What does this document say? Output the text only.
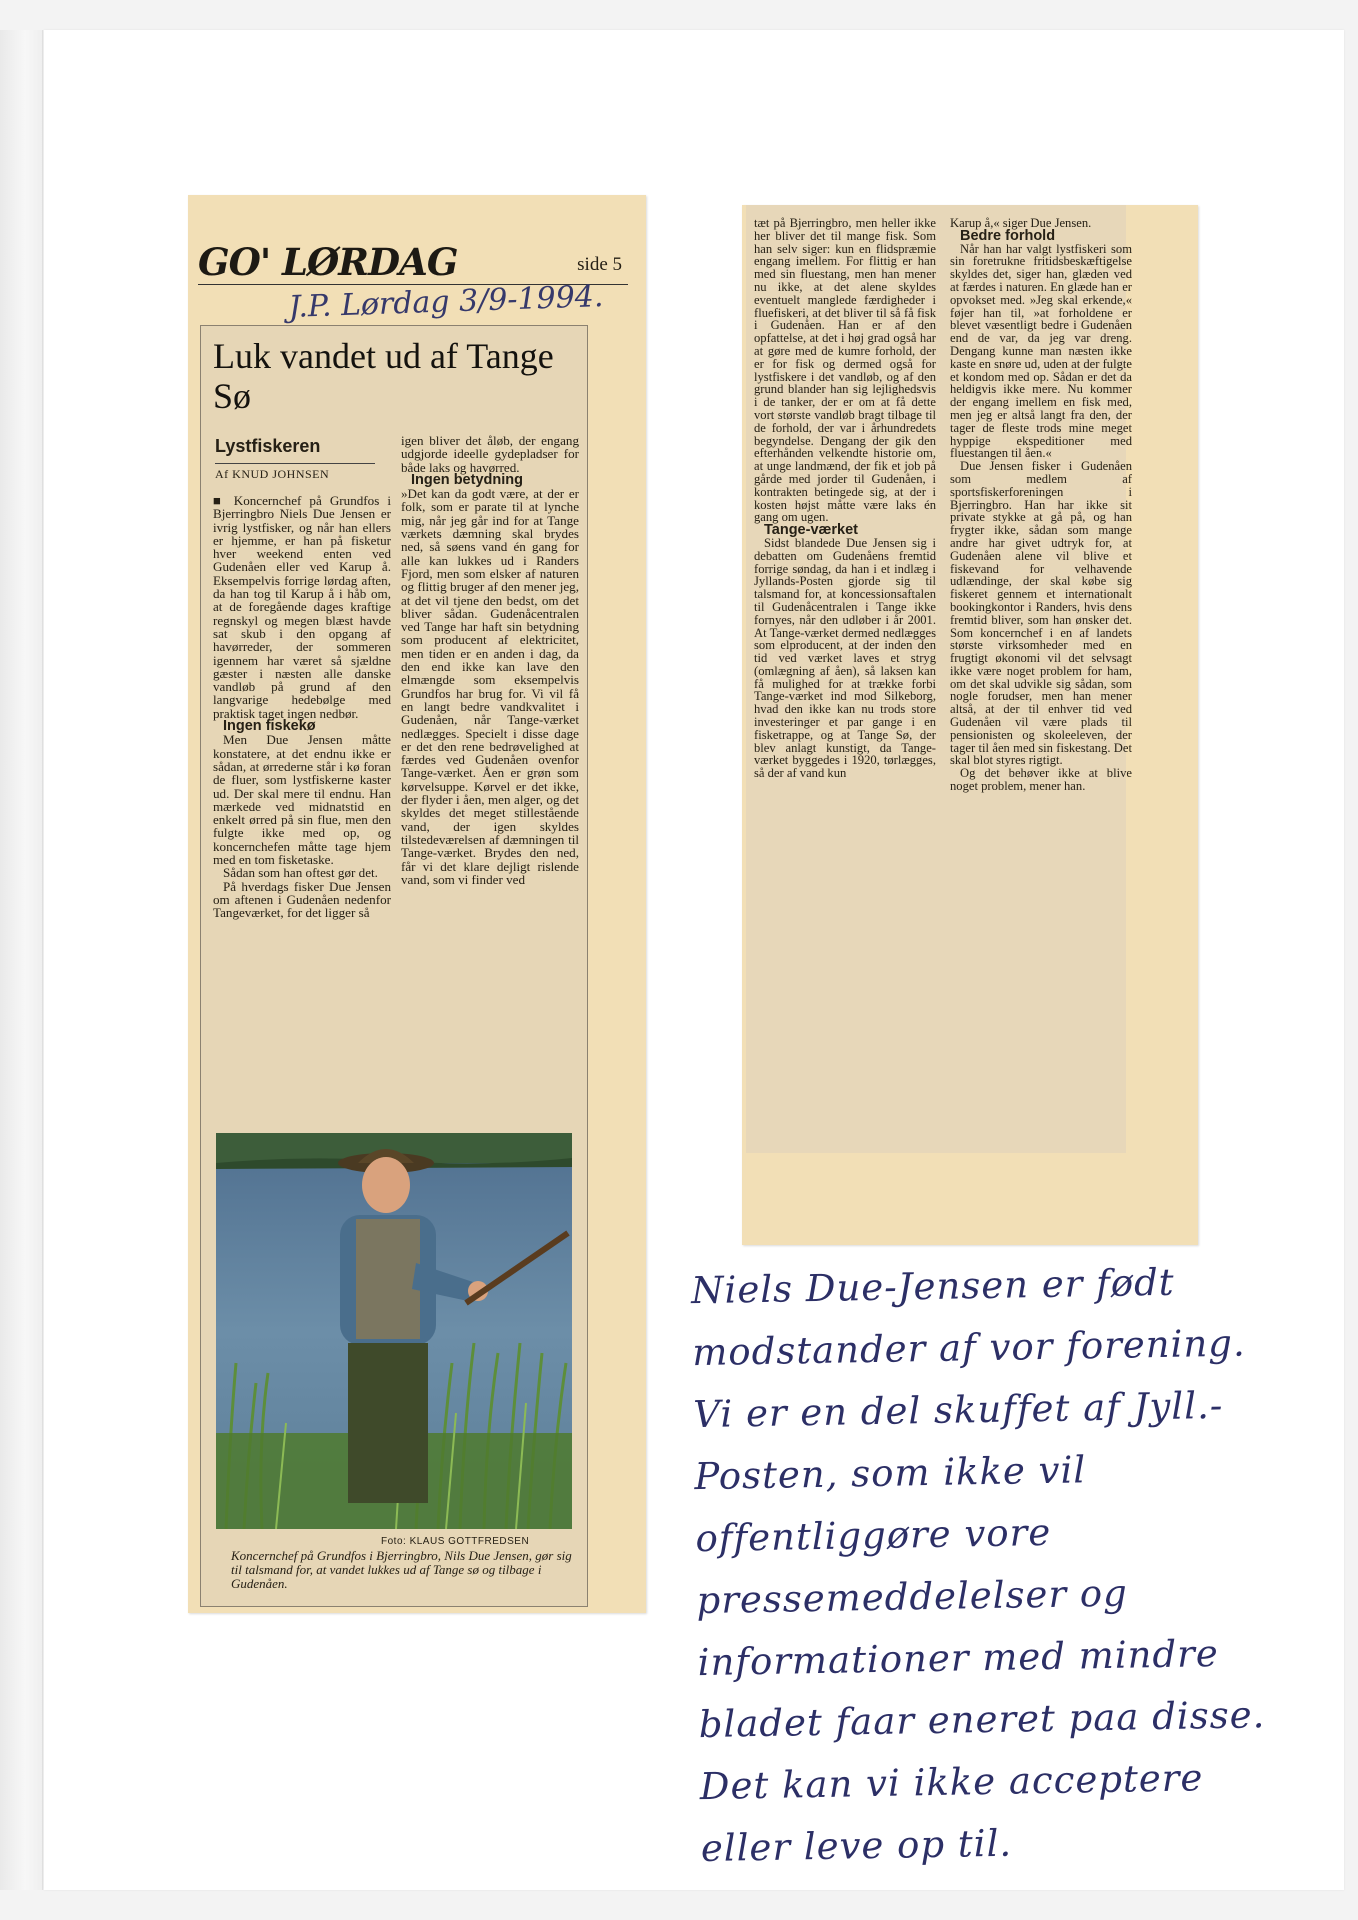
GO' LØRDAG	side 5
J.P. Lørdag 3/9-1994.
Luk vandet ud af Tange Sø
Lystfiskeren
Af KNUD JOHNSEN

■ Koncernchef på Grundfos i Bjerringbro Niels Due Jensen er ivrig lystfisker, og når han ellers er hjemme, er han på fisketur hver weekend enten ved Gudenåen eller ved Karup å. Eksempelvis forrige lørdag aften, da han tog til Karup å i håb om, at de foregående dages kraftige regnskyl og megen blæst havde sat skub i den opgang af havørreder, der sommeren igennem har været så sjældne gæster i næsten alle danske vandløb på grund af den langvarige hedebølge med praktisk taget ingen nedbør.

Ingen fiskekø

Men Due Jensen måtte konstatere, at det endnu ikke er sådan, at ørrederne står i kø foran de fluer, som lystfiskerne kaster ud. Der skal mere til endnu. Han mærkede ved midnatstid en enkelt ørred på sin flue, men den fulgte ikke med op, og koncernchefen måtte tage hjem med en tom fisketaske.

Sådan som han oftest gør det.

På hverdags fisker Due Jensen om aftenen i Gudenåen nedenfor Tangeværket, for det ligger så

igen bliver det åløb, der engang udgjorde ideelle gydepladser for både laks og havørred.

Ingen betydning

»Det kan da godt være, at der er folk, som er parate til at lynche mig, når jeg går ind for at Tange værkets dæmning skal brydes ned, så søens vand én gang for alle kan lukkes ud i Randers Fjord, men som elsker af naturen og flittig bruger af den mener jeg, at det vil tjene den bedst, om det bliver sådan. Gudenåcentralen ved Tange har haft sin betydning som producent af elektricitet, men tiden er en anden i dag, da den end ikke kan lave den elmængde som eksempelvis Grundfos har brug for. Vi vil få en langt bedre vandkvalitet i Gudenåen, når Tange-værket nedlægges. Specielt i disse dage er det den rene bedrøvelighed at færdes ved Gudenåen ovenfor Tange-værket. Åen er grøn som kørvelsuppe. Kørvel er det ikke, der flyder i åen, men alger, og det skyldes det meget stillestående vand, der igen skyldes tilstedeværelsen af dæmningen til Tange-værket. Brydes den ned, får vi det klare dejligt rislende vand, som vi finder ved

Foto: KLAUS GOTTFREDSEN
Koncernchef på Grundfos i Bjerringbro, Nils Due Jensen, gør sig til talsmand for, at vandet lukkes ud af Tange sø og tilbage i Gudenåen.

tæt på Bjerringbro, men heller ikke her bliver det til mange fisk. Som han selv siger: kun en flidspræmie engang imellem. For flittig er han med sin fluestang, men han mener nu ikke, at det alene skyldes eventuelt manglede færdigheder i fluefiskeri, at det bliver til så få fisk i Gudenåen. Han er af den opfattelse, at det i høj grad også har at gøre med de kumre forhold, der er for fisk og dermed også for lystfiskere i det vandløb, og af den grund blander han sig lejlighedsvis i de tanker, der er om at få dette vort største vandløb bragt tilbage til de forhold, der var i århundredets begyndelse. Dengang der gik den efterhånden velkendte historie om, at unge landmænd, der fik et job på gårde med jorder til Gudenåen, i kontrakten betingede sig, at der i kosten højst måtte være laks én gang om ugen.

Tange-værket

Sidst blandede Due Jensen sig i debatten om Gudenåens fremtid forrige søndag, da han i et indlæg i Jyllands-Posten gjorde sig til talsmand for, at koncessionsaftalen til Gudenåcentralen i Tange ikke fornyes, når den udløber i år 2001. At Tange-værket dermed nedlægges som elproducent, at der inden den tid ved værket laves et stryg (omlægning af åen), så laksen kan få mulighed for at trække forbi Tange-værket ind mod Silkeborg, hvad den ikke kan nu trods store investeringer et par gange i en fisketrappe, og at Tange Sø, der blev anlagt kunstigt, da Tange-værket byggedes i 1920, tørlægges, så der af vand kun

Karup å,« siger Due Jensen.

Bedre forhold

Når han har valgt lystfiskeri som sin foretrukne fritidsbeskæftigelse skyldes det, siger han, glæden ved at færdes i naturen. En glæde han er opvokset med. »Jeg skal erkende,« føjer han til, »at forholdene er blevet væsentligt bedre i Gudenåen end de var, da jeg var dreng. Dengang kunne man næsten ikke kaste en snøre ud, uden at der fulgte et kondom med op. Sådan er det da heldigvis ikke mere. Nu kommer der engang imellem en fisk med, men jeg er altså langt fra den, der tager de fleste trods mine meget hyppige ekspeditioner med fluestangen til åen.«

Due Jensen fisker i Gudenåen som medlem af sportsfiskerforeningen i Bjerringbro. Han har ikke sit private stykke at gå på, og han frygter ikke, sådan som mange andre har givet udtryk for, at Gudenåen alene vil blive et fiskevand for velhavende udlændinge, der skal købe sig fiskeret gennem et internationalt bookingkontor i Randers, hvis dens fremtid bliver, som han ønsker det. Som koncernchef i en af landets største virksomheder med en frugtigt økonomi vil det selvsagt ikke være noget problem for ham, om det skal udvikle sig sådan, som nogle forudser, men han mener altså, at der til enhver tid ved Gudenåen vil være plads til pensionisten og skoleeleven, der tager til åen med sin fiskestang. Det skal blot styres rigtigt.

Og det behøver ikke at blive noget problem, mener han.

Niels Due-Jensen er født modstander af vor forening. Vi er en del skuffet af Jyll.-Posten, som ikke vil offentliggøre vore pressemeddelelser og informationer med mindre bladet faar eneret paa disse. Det kan vi ikke acceptere eller leve op til.
